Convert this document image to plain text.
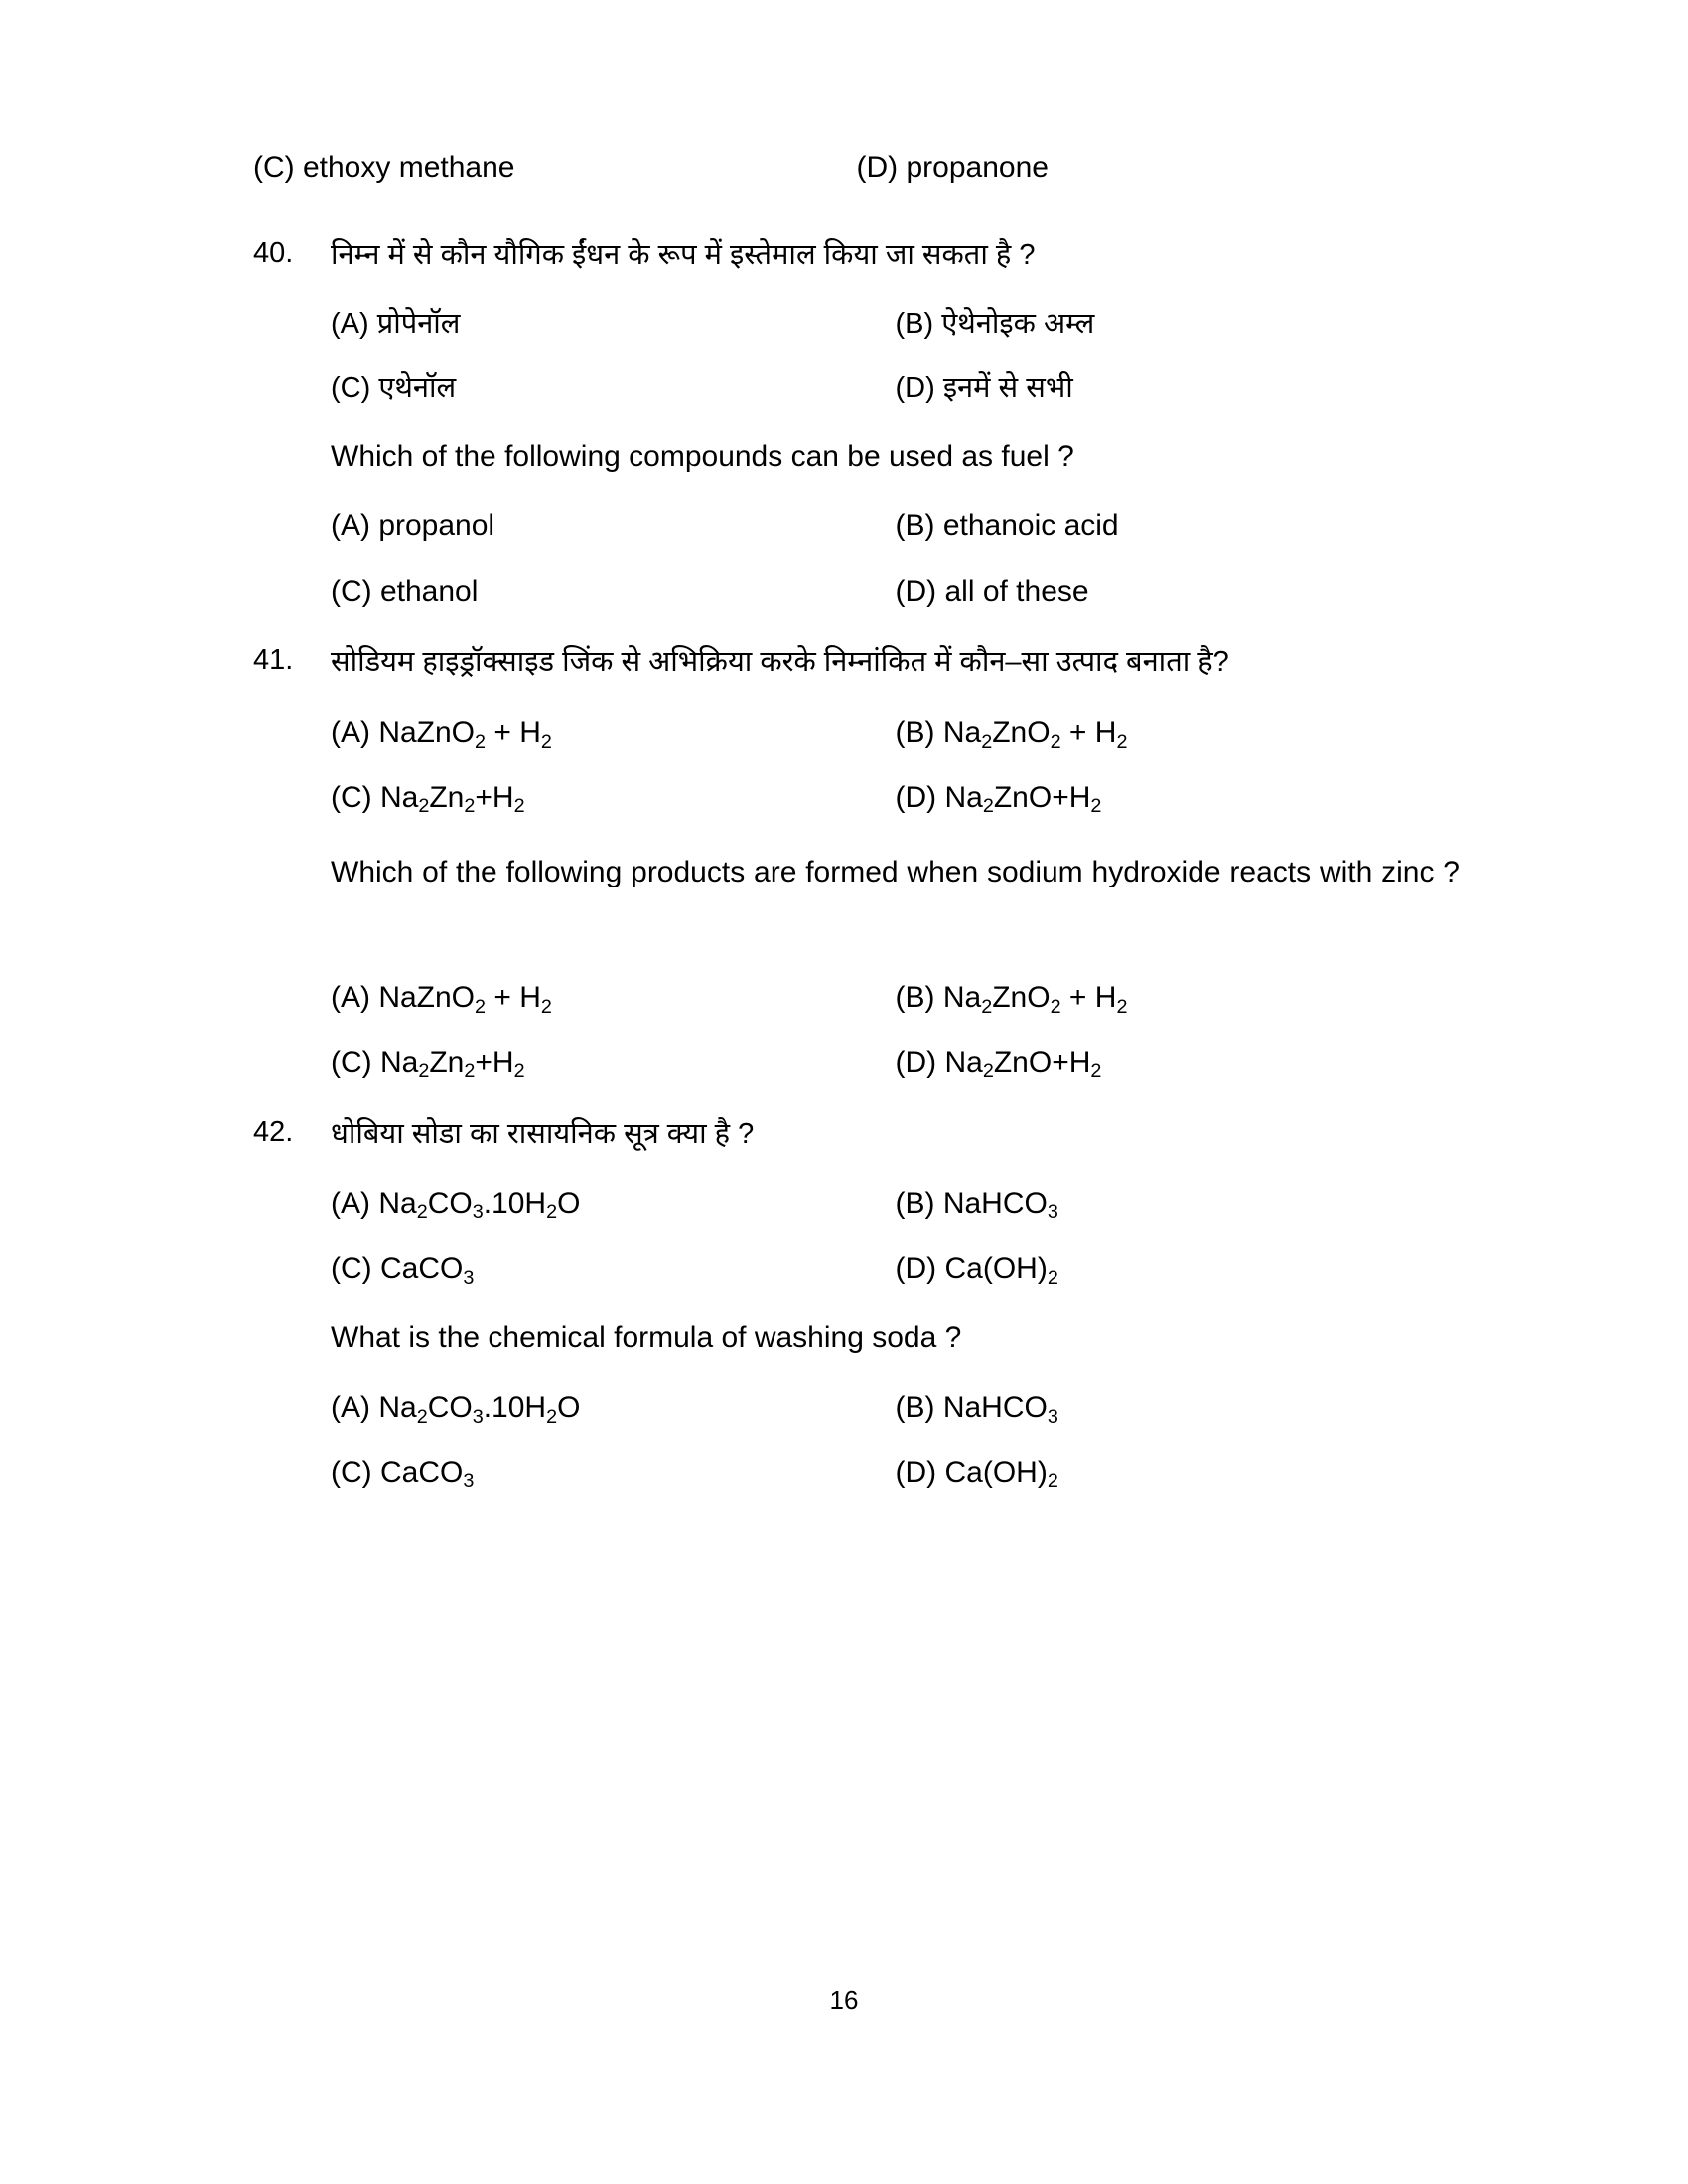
(C) ethoxy methane	(D) propanone
40.	निम्न में से कौन यौगिक ईंधन के रूप में इस्तेमाल किया जा सकता है ?
(A) प्रोपेनॉल	(B) ऐथेनोइक अम्ल
(C) एथेनॉल	(D) इनमें से सभी
Which of the following compounds can be used as fuel ?
(A) propanol	(B) ethanoic acid
(C) ethanol	(D) all of these
41.	सोडियम हाइड्रॉक्साइड जिंक से अभिक्रिया करके निम्नांकित में कौन–सा उत्पाद बनाता है?
(A) NaZnO$_2$ + $H_2$	(B) $Na_2ZnO_2 + H_2$
(C) $Na_2Zn_2+H_2$	(D) $Na_2ZnO+H_2$
Which of the following products are formed when sodium hydroxide reacts with zinc ?
(A) NaZnO$_2$ + $H_2$	(B) $Na_2ZnO_2 + H_2$
(C) $Na_2Zn_2+H_2$	(D) $Na_2ZnO+H_2$
42.	धोबिया सोडा का रासायनिक सूत्र क्या है ?
(A) $Na_2CO_3.10H_2O$	(B) NaHCO$_3$
(C) CaCO$_3$	(D) $Ca(OH)_2$
What is the chemical formula of washing soda ?
(A) $Na_2CO_3.10H_2O$	(B) NaHCO$_3$
(C) CaCO$_3$	(D) $Ca(OH)_2$
16
